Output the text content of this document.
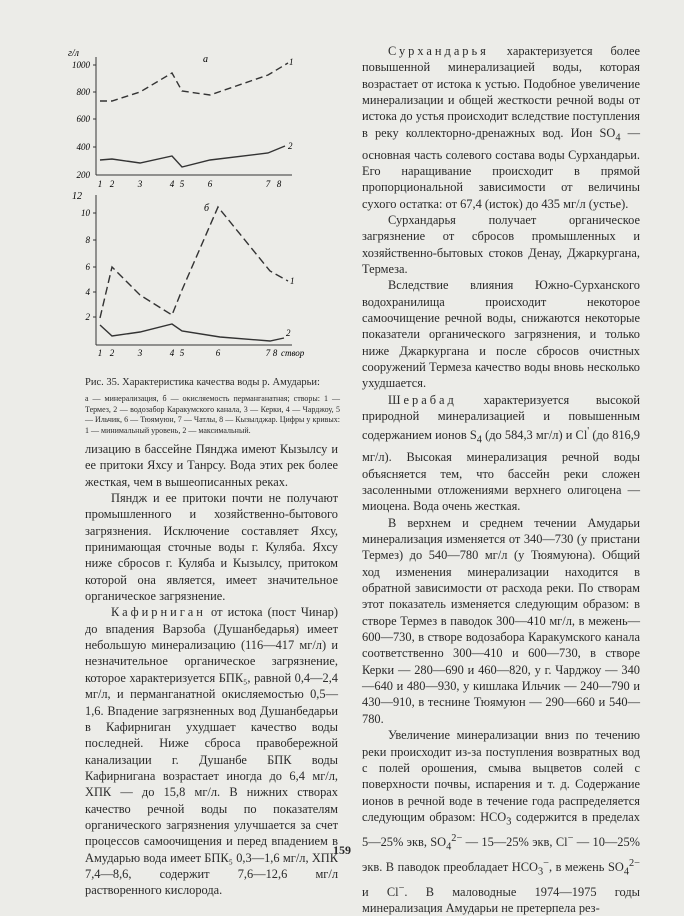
г/л
1000
800
600
400
200
1 2	3	4 5	6	7 8
а	1
2
12
10
8
6
4
2
1 2	3	4 5	6	7 8 створ
б
1
2
Рис. 35. Характеристика качества воды р. Амударьи:
а — минерализация, б — окисляемость перманганатная; створы: 1 — Термез, 2 — водозабор Каракумского канала, 3 — Керки, 4 — Чарджоу, 5 — Ильчик, 6 — Тюямуюн, 7 — Чатлы, 8 — Кызылджар. Цифры у кривых: 1 — минимальный уровень, 2 — максимальный.

лизацию в бассейне Пянджа имеют Кызылсу и ее притоки Яхсу и Танрсу. Вода этих рек более жесткая, чем в вышеописанных реках.

Пяндж и ее притоки почти не получают промышленного и хозяйственно-бытового загрязнения. Исключение составляет Яхсу, принимающая сточные воды г. Куляба. Яхсу ниже сбросов г. Куляба и Кызылсу, притоком которой она является, имеет значительное органическое загрязнение.

Кафирниган от истока (пост Чинар) до впадения Варзоба (Душанбедарья) имеет небольшую минерализацию (116—417 мг/л) и незначительное органическое загрязнение, которое характеризуется БПК₅, равной 0,4—2,4 мг/л, и перманганатной окисляемостью 0,5—1,6. Впадение загрязненных вод Душанбедарьи в Кафирниган ухудшает качество воды последней. Ниже сброса правобережной канализации г. Душанбе БПК воды Кафирнигана возрастает иногда до 6,4 мг/л, ХПК — до 15,8 мг/л. В нижних створах качество речной воды по показателям органического загрязнения улучшается за счет процессов самоочищения и перед впадением в Амударью вода имеет БПК₅ 0,3—1,6 мг/л, ХПК 7,4—8,6, содержит 7,6—12,6 мг/л растворенного кислорода.

Сурхандарья характеризуется более повышенной минерализацией воды, которая возрастает от истока к устью. Подобное увеличение минерализации и общей жесткости речной воды от истока до устья происходит вследствие поступления в реку коллекторно-дренажных вод. Ион $SO_4$ — основная часть солевого состава воды Сурхандарьи. Его наращивание происходит в прямой пропорциональной зависимости от величины сухого остатка: от 67,4 (исток) до 435 мг/л (устье).

Сурхандарья получает органическое загрязнение от сбросов промышленных и хозяйственно-бытовых стоков Денау, Джаркургана, Термеза.

Вследствие влияния Южно-Сурханского водохранилища происходит некоторое самоочищение речной воды, снижаются некоторые показатели органического загрязнения, и только ниже Джаркургана и после сбросов очистных сооружений Термеза качество воды вновь несколько ухудшается.

Шерабад характеризуется высокой природной минерализацией и повышенным содержанием ионов $S_4$ (до 584,3 мг/л) и Cl' (до 816,9 мг/л). Высокая минерализация речной воды объясняется тем, что бассейн реки сложен засоленными отложениями верхнего олигоцена — миоцена. Вода очень жесткая.

В верхнем и среднем течении Амударьи минерализация изменяется от 340—730 (у пристани Термез) до 540—780 мг/л (у Тюямуюна). Общий ход изменения минерализации находится в обратной зависимости от расхода реки. По створам этот показатель изменяется следующим образом: в створе Термез в паводок 300—410 мг/л, в межень—600—730, в створе водозабора Каракумского канала соответственно 300—410 и 600—730, в створе Керки — 280—690 и 460—820, у г. Чарджоу — 340—640 и 480—930, у кишлака Ильчик — 240—790 и 430—910, в теснине Тюямуюн — 290—660 и 540—780.

Увеличение минерализации вниз по течению реки происходит из-за поступления возвратных вод с полей орошения, смыва выцветов солей с поверхности почвы, испарения и т. д. Содержание ионов в речной воде в течение года распределяется следующим образом: $HCO_3$ содержится в пределах 5—25% экв, $SO_4^{2-}$ — 15—25% экв, Cl− — 10—25% экв. В паводок преобладает $HCO_3^-$, в межень $SO_4^{2-}$ и Cl−. В маловодные 1974—1975 годы минерализация Амударьи не претерпела рез-

159
